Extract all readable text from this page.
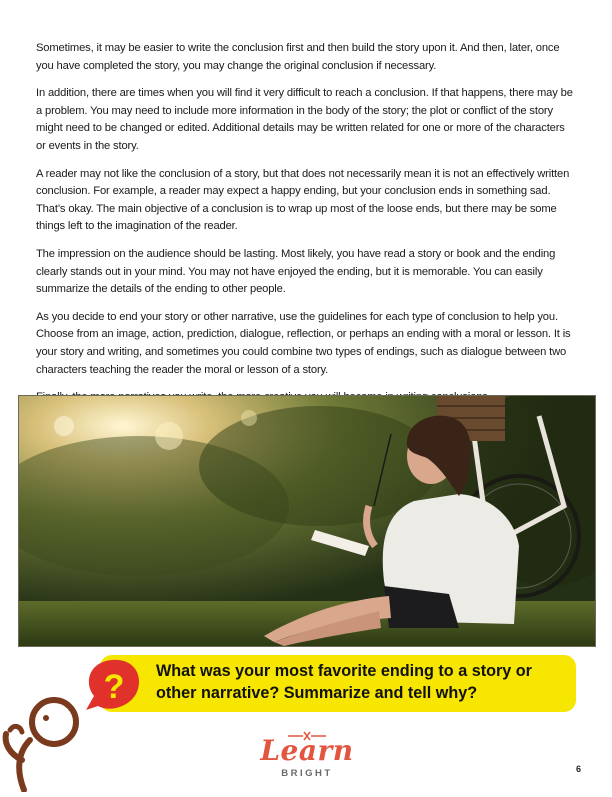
Sometimes, it may be easier to write the conclusion first and then build the story upon it. And then, later, once you have completed the story, you may change the original conclusion if necessary.

In addition, there are times when you will find it very difficult to reach a conclusion. If that happens, there may be a problem. You may need to include more information in the body of the story; the plot or conflict of the story might need to be changed or edited. Additional details may be written related for one or more of the characters or events in the story.

A reader may not like the conclusion of a story, but that does not necessarily mean it is not an effectively written conclusion. For example, a reader may expect a happy ending, but your conclusion ends in something sad. That’s okay. The main objective of a conclusion is to wrap up most of the loose ends, but there may be some things left to the imagination of the reader.

The impression on the audience should be lasting. Most likely, you have read a story or book and the ending clearly stands out in your mind. You may not have enjoyed the ending, but it is memorable. You can easily summarize the details of the ending to other people.

As you decide to end your story or other narrative, use the guidelines for each type of conclusion to help you. Choose from an image, action, prediction, dialogue, reflection, or perhaps an ending with a moral or lesson. It is your story and writing, and sometimes you could combine two types of endings, such as dialogue between two characters teaching the reader the moral or lesson of a story.

What was your most favorite ending to a story or other narrative? Summarize and tell why?
?
Learn
BRIGHT	6
